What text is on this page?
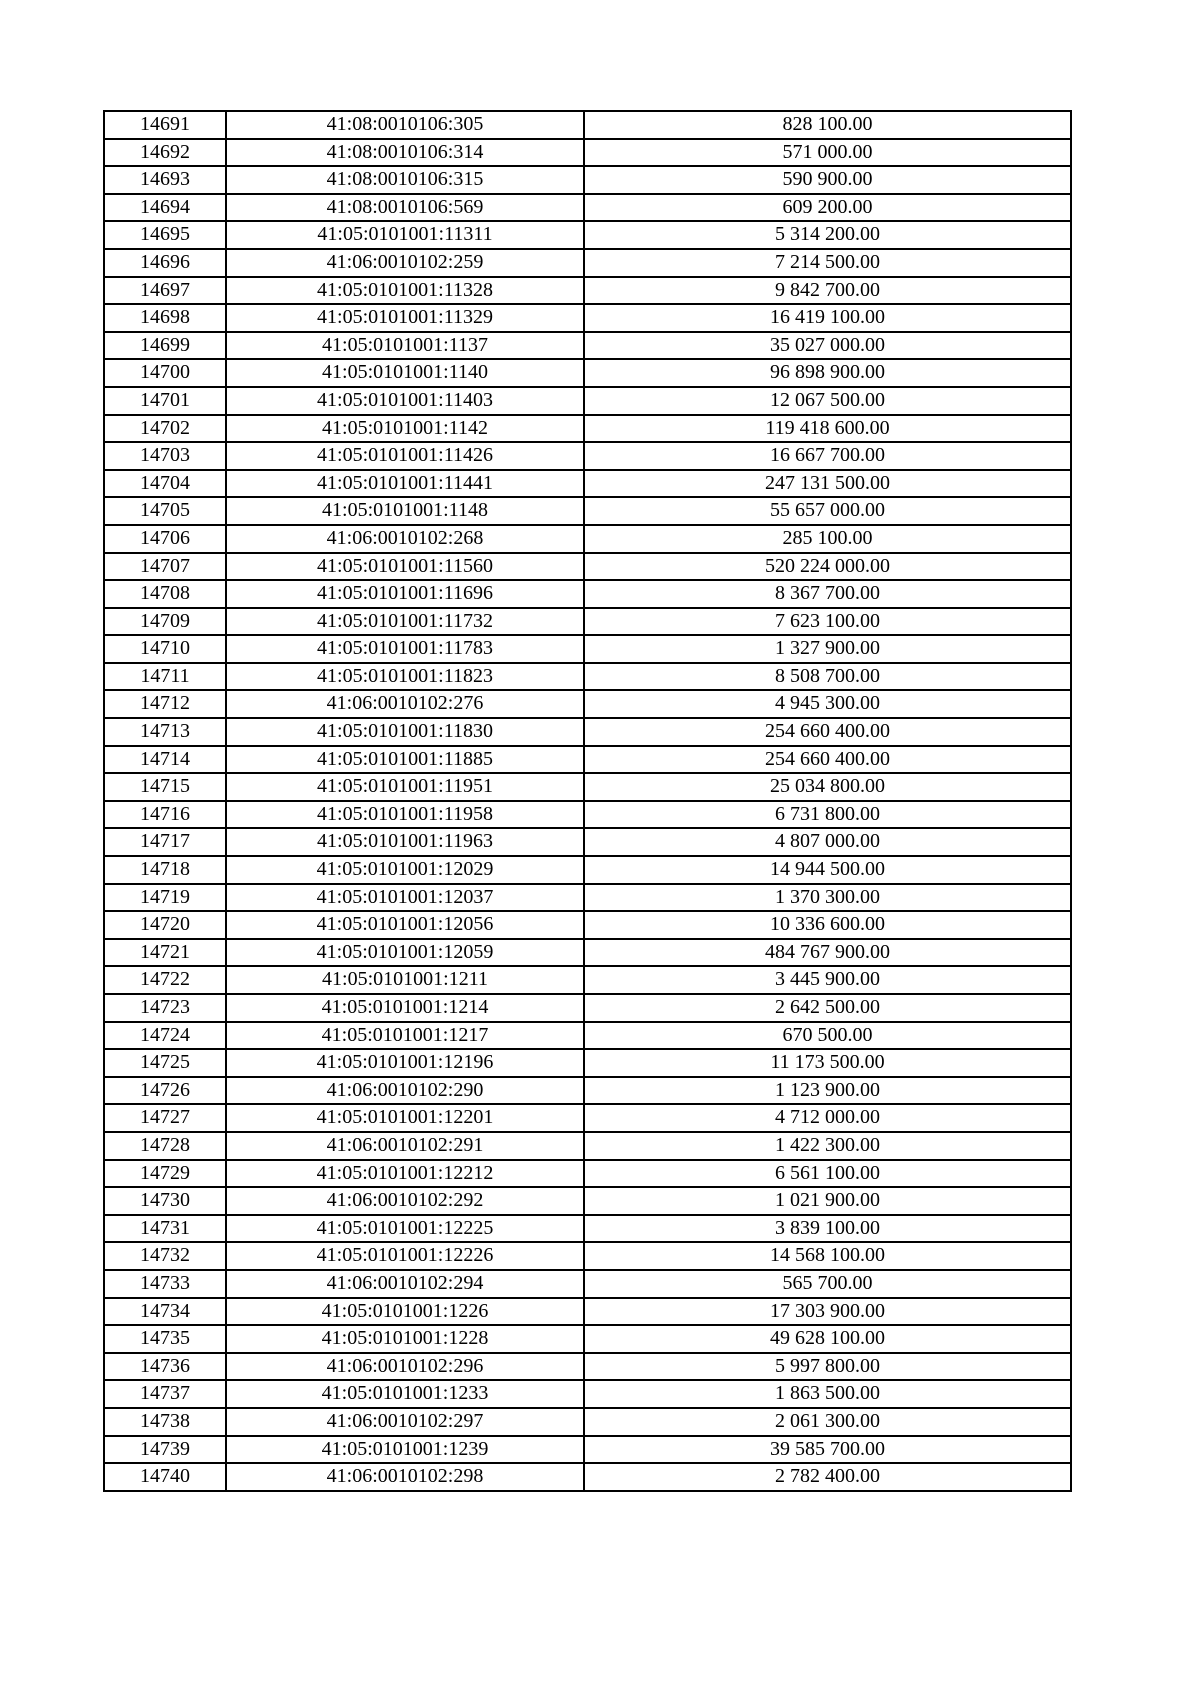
14691	41:08:0010106:305	828 100.00
14692	41:08:0010106:314	571 000.00
14693	41:08:0010106:315	590 900.00
14694	41:08:0010106:569	609 200.00
14695	41:05:0101001:11311	5 314 200.00
14696	41:06:0010102:259	7 214 500.00
14697	41:05:0101001:11328	9 842 700.00
14698	41:05:0101001:11329	16 419 100.00
14699	41:05:0101001:1137	35 027 000.00
14700	41:05:0101001:1140	96 898 900.00
14701	41:05:0101001:11403	12 067 500.00
14702	41:05:0101001:1142	119 418 600.00
14703	41:05:0101001:11426	16 667 700.00
14704	41:05:0101001:11441	247 131 500.00
14705	41:05:0101001:1148	55 657 000.00
14706	41:06:0010102:268	285 100.00
14707	41:05:0101001:11560	520 224 000.00
14708	41:05:0101001:11696	8 367 700.00
14709	41:05:0101001:11732	7 623 100.00
14710	41:05:0101001:11783	1 327 900.00
14711	41:05:0101001:11823	8 508 700.00
14712	41:06:0010102:276	4 945 300.00
14713	41:05:0101001:11830	254 660 400.00
14714	41:05:0101001:11885	254 660 400.00
14715	41:05:0101001:11951	25 034 800.00
14716	41:05:0101001:11958	6 731 800.00
14717	41:05:0101001:11963	4 807 000.00
14718	41:05:0101001:12029	14 944 500.00
14719	41:05:0101001:12037	1 370 300.00
14720	41:05:0101001:12056	10 336 600.00
14721	41:05:0101001:12059	484 767 900.00
14722	41:05:0101001:1211	3 445 900.00
14723	41:05:0101001:1214	2 642 500.00
14724	41:05:0101001:1217	670 500.00
14725	41:05:0101001:12196	11 173 500.00
14726	41:06:0010102:290	1 123 900.00
14727	41:05:0101001:12201	4 712 000.00
14728	41:06:0010102:291	1 422 300.00
14729	41:05:0101001:12212	6 561 100.00
14730	41:06:0010102:292	1 021 900.00
14731	41:05:0101001:12225	3 839 100.00
14732	41:05:0101001:12226	14 568 100.00
14733	41:06:0010102:294	565 700.00
14734	41:05:0101001:1226	17 303 900.00
14735	41:05:0101001:1228	49 628 100.00
14736	41:06:0010102:296	5 997 800.00
14737	41:05:0101001:1233	1 863 500.00
14738	41:06:0010102:297	2 061 300.00
14739	41:05:0101001:1239	39 585 700.00
14740	41:06:0010102:298	2 782 400.00
